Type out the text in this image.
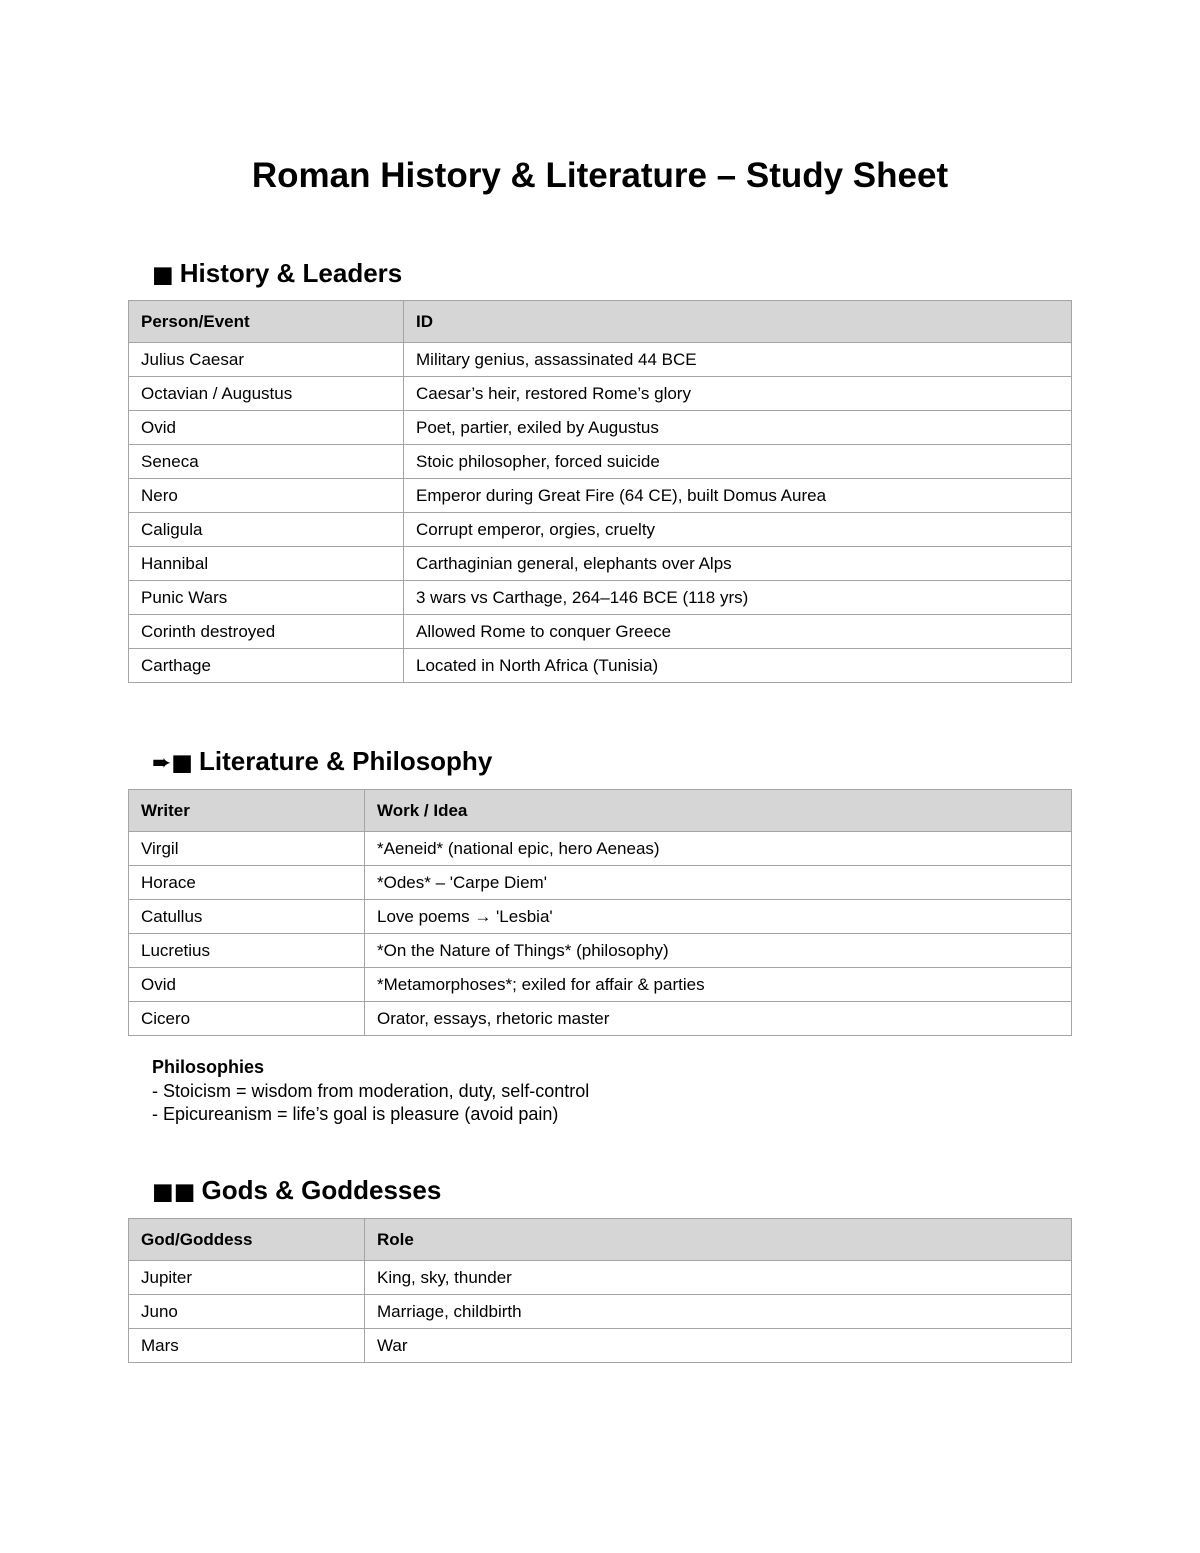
Roman History & Literature – Study Sheet
■ History & Leaders
Person/Event	ID
Julius Caesar	Military genius, assassinated 44 BCE
Octavian / Augustus	Caesar’s heir, restored Rome’s glory
Ovid	Poet, partier, exiled by Augustus
Seneca	Stoic philosopher, forced suicide
Nero	Emperor during Great Fire (64 CE), built Domus Aurea
Caligula	Corrupt emperor, orgies, cruelty
Hannibal	Carthaginian general, elephants over Alps
Punic Wars	3 wars vs Carthage, 264–146 BCE (118 yrs)
Corinth destroyed	Allowed Rome to conquer Greece
Carthage	Located in North Africa (Tunisia)
➨■ Literature & Philosophy
Writer	Work / Idea
Virgil	*Aeneid* (national epic, hero Aeneas)
Horace	*Odes* – 'Carpe Diem'
Catullus	Love poems → 'Lesbia'
Lucretius	*On the Nature of Things* (philosophy)
Ovid	*Metamorphoses*; exiled for affair & parties
Cicero	Orator, essays, rhetoric master
Philosophies
- Stoicism = wisdom from moderation, duty, self-control
- Epicureanism = life’s goal is pleasure (avoid pain)
■■ Gods & Goddesses
God/Goddess	Role
Jupiter	King, sky, thunder
Juno	Marriage, childbirth
Mars	War
